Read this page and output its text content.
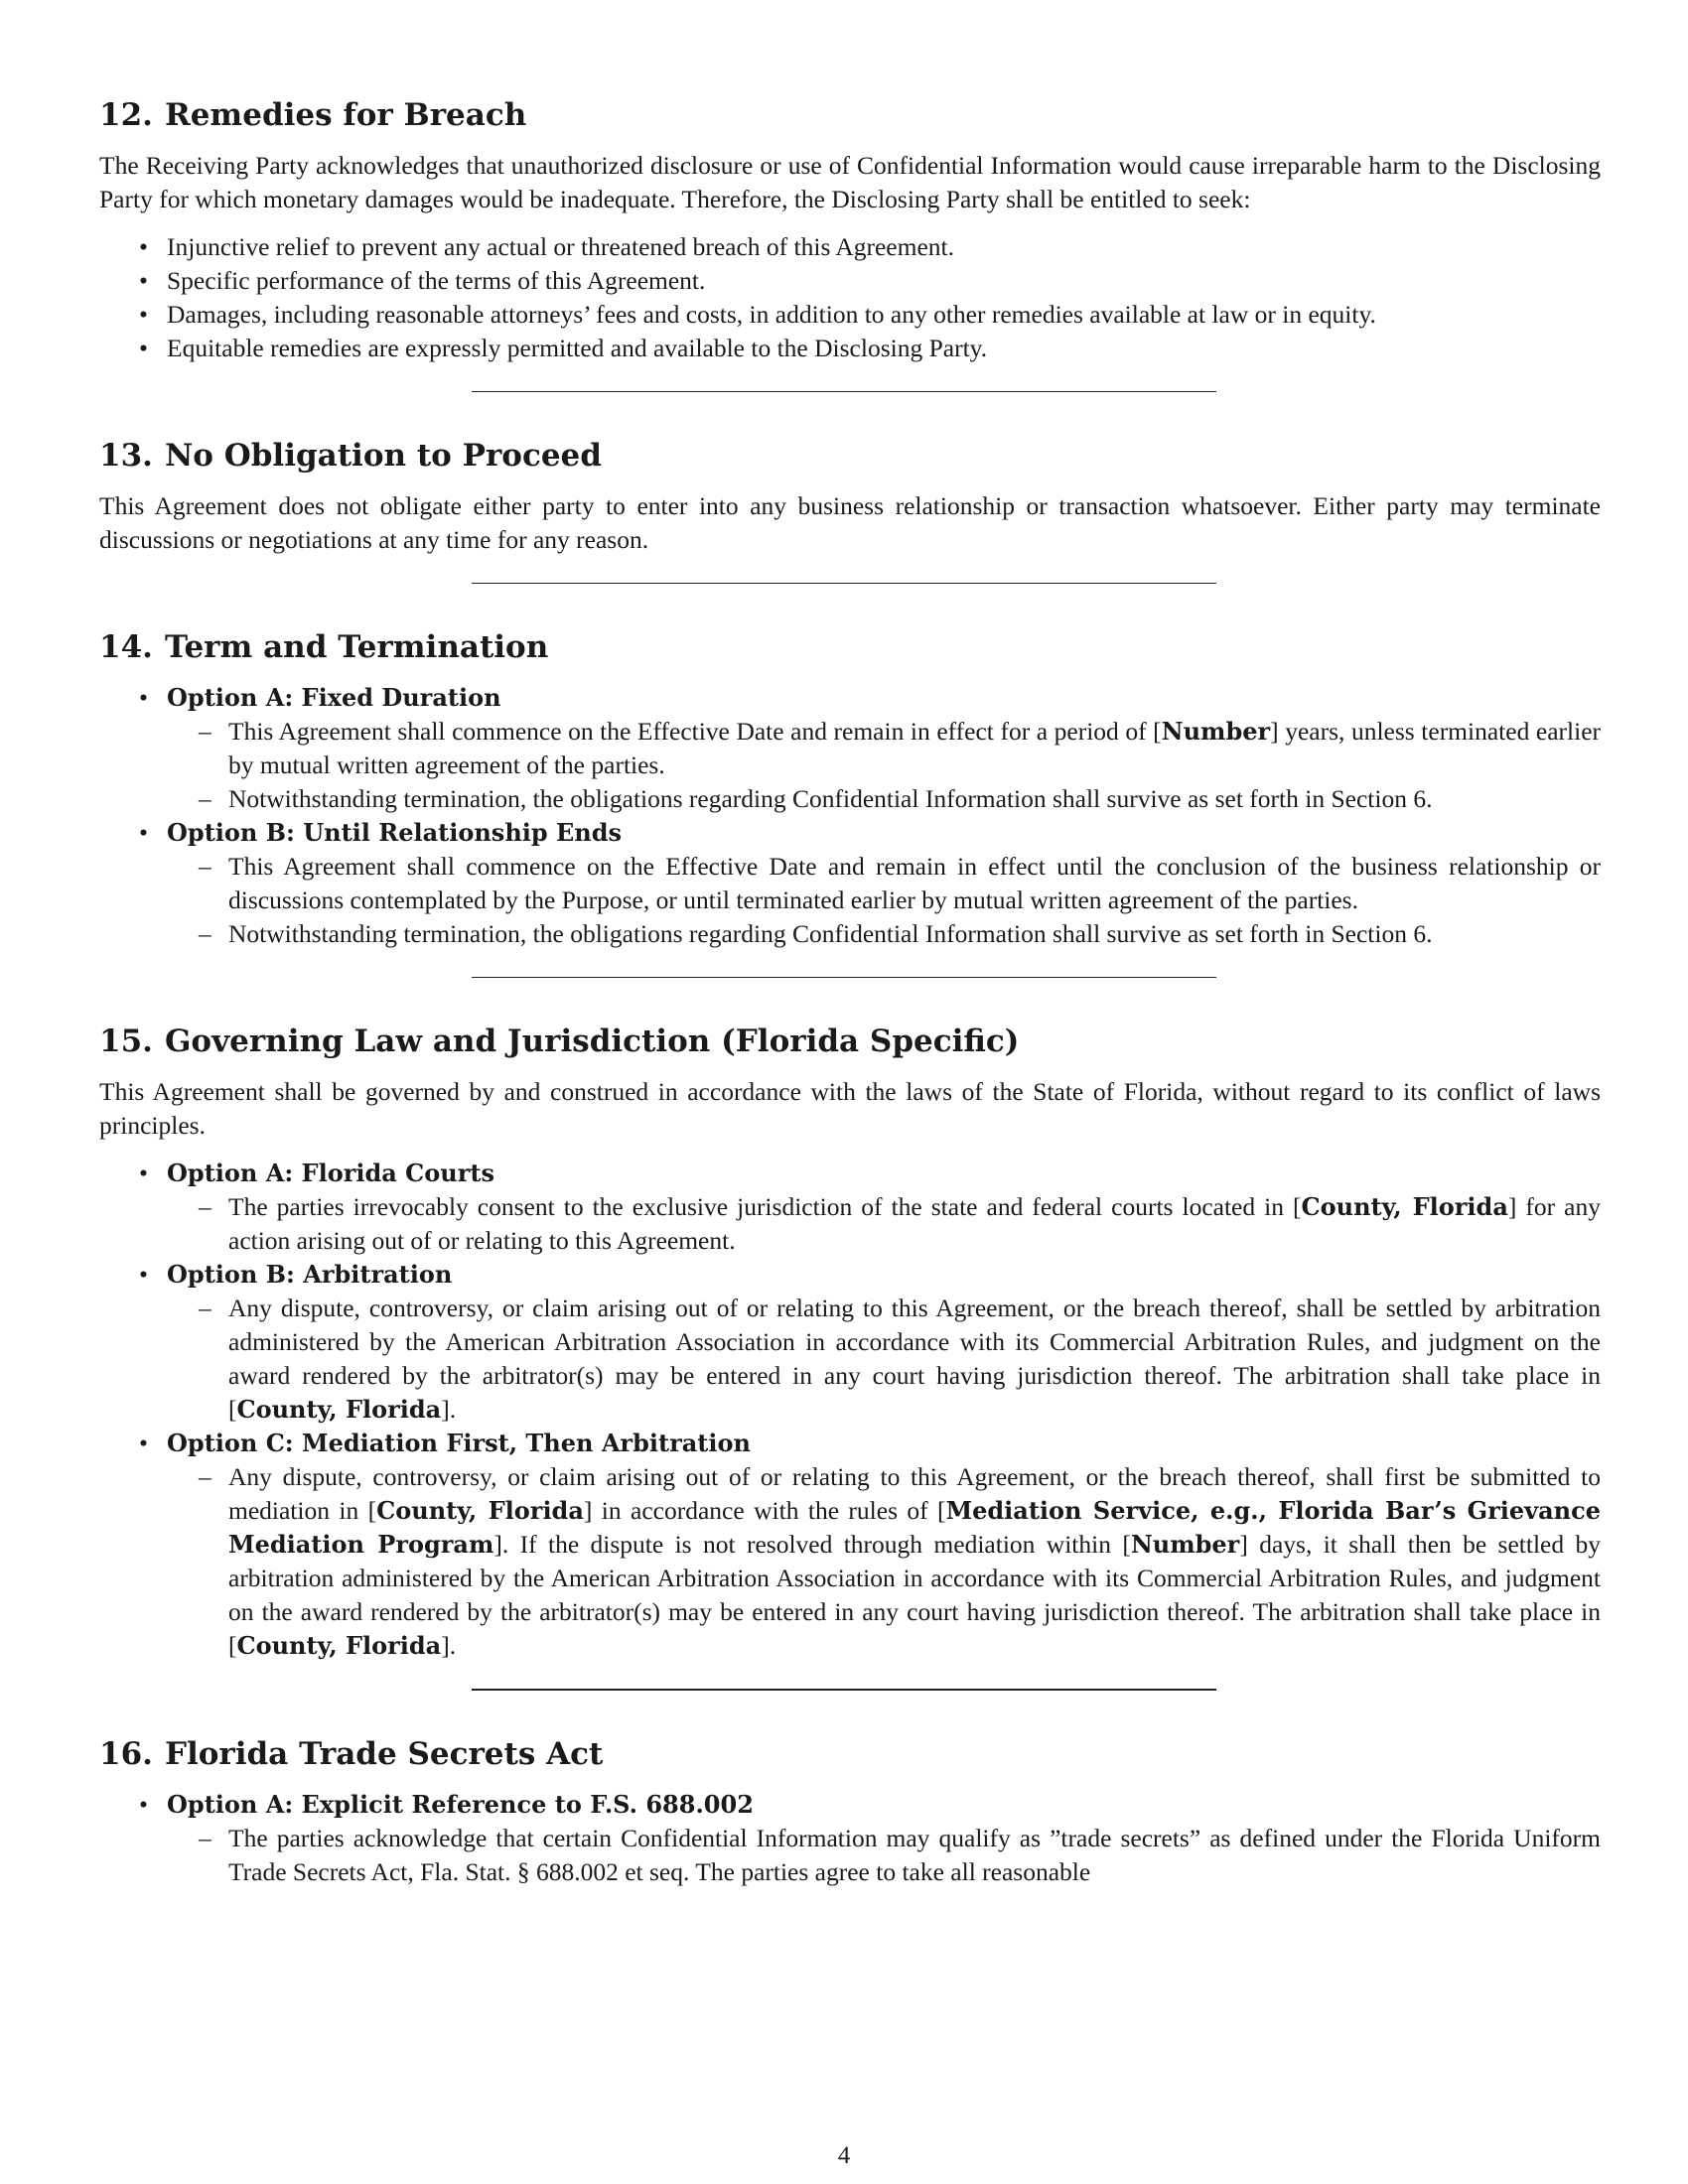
12. Remedies for Breach

The Receiving Party acknowledges that unauthorized disclosure or use of Confidential Information would cause irreparable harm to the Disclosing Party for which monetary damages would be inadequate. Therefore, the Disclosing Party shall be entitled to seek:

• Injunctive relief to prevent any actual or threatened breach of this Agreement.
• Specific performance of the terms of this Agreement.
• Damages, including reasonable attorneys’ fees and costs, in addition to any other remedies available at law or in equity.
• Equitable remedies are expressly permitted and available to the Disclosing Party.
13. No Obligation to Proceed

This Agreement does not obligate either party to enter into any business relationship or transaction whatsoever. Either party may terminate discussions or negotiations at any time for any reason.

14. Term and Termination
• Option A: Fixed Duration
– This Agreement shall commence on the Effective Date and remain in effect for a period of [Number] years, unless terminated earlier by mutual written agreement of the parties.
– Notwithstanding termination, the obligations regarding Confidential Information shall survive as set forth in Section 6.
• Option B: Until Relationship Ends
– This Agreement shall commence on the Effective Date and remain in effect until the conclusion of the business relationship or discussions contemplated by the Purpose, or until terminated earlier by mutual written agreement of the parties.
– Notwithstanding termination, the obligations regarding Confidential Information shall survive as set forth in Section 6.
15. Governing Law and Jurisdiction (Florida Specific)

This Agreement shall be governed by and construed in accordance with the laws of the State of Florida, without regard to its conflict of laws principles.

• Option A: Florida Courts
– The parties irrevocably consent to the exclusive jurisdiction of the state and federal courts located in [County, Florida] for any action arising out of or relating to this Agreement.
• Option B: Arbitration
– Any dispute, controversy, or claim arising out of or relating to this Agreement, or the breach thereof, shall be settled by arbitration administered by the American Arbitration Association in accordance with its Commercial Arbitration Rules, and judgment on the award rendered by the arbitrator(s) may be entered in any court having jurisdiction thereof. The arbitration shall take place in [County, Florida].
• Option C: Mediation First, Then Arbitration
– Any dispute, controversy, or claim arising out of or relating to this Agreement, or the breach thereof, shall first be submitted to mediation in [County, Florida] in accordance with the rules of [Mediation Service, e.g., Florida Bar’s Grievance Mediation Program]. If the dispute is not resolved through mediation within [Number] days, it shall then be settled by arbitration administered by the American Arbitration Association in accordance with its Commercial Arbitration Rules, and judgment on the award rendered by the arbitrator(s) may be entered in any court having jurisdiction thereof. The arbitration shall take place in [County, Florida].
16. Florida Trade Secrets Act
• Option A: Explicit Reference to F.S. 688.002
– The parties acknowledge that certain Confidential Information may qualify as ”trade secrets” as defined under the Florida Uniform Trade Secrets Act, Fla. Stat. § 688.002 et seq. The parties agree to take all reasonable
4
